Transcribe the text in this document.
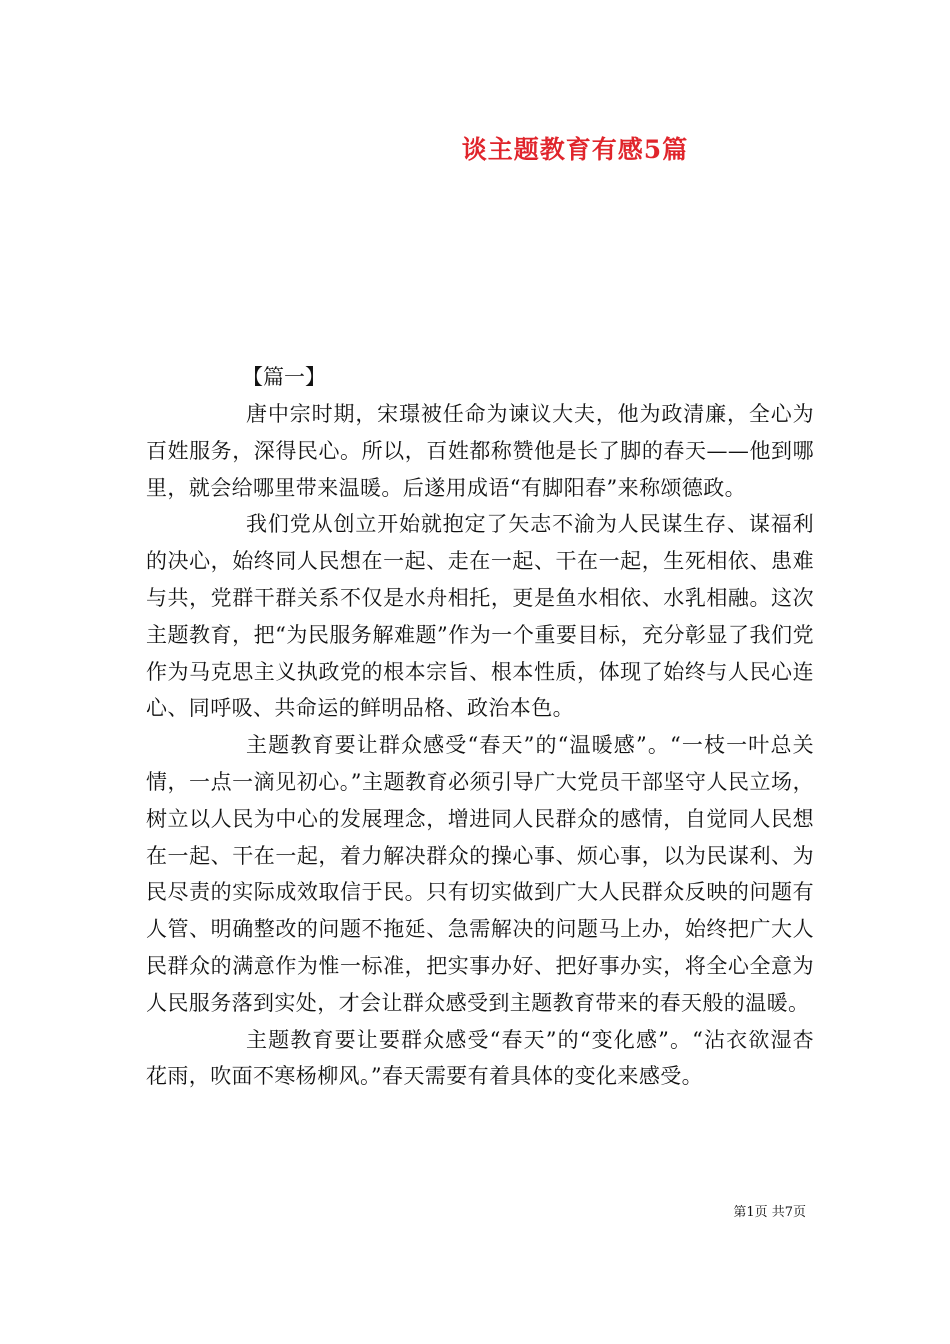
谈主题教育有感5篇
【篇一】

唐中宗时期，宋璟被任命为谏议大夫，他为政清廉，全心为百姓服务，深得民心。所以，百姓都称赞他是长了脚的春天——他到哪里，就会给哪里带来温暖。后遂用成语“有脚阳春”来称颂德政。

我们党从创立开始就抱定了矢志不渝为人民谋生存、谋福利的决心，始终同人民想在一起、走在一起、干在一起，生死相依、患难与共，党群干群关系不仅是水舟相托，更是鱼水相依、水乳相融。这次主题教育，把“为民服务解难题”作为一个重要目标，充分彰显了我们党作为马克思主义执政党的根本宗旨、根本性质，体现了始终与人民心连心、同呼吸、共命运的鲜明品格、政治本色。

主题教育要让群众感受“春天”的“温暖感”。“一枝一叶总关情，一点一滴见初心。”主题教育必须引导广大党员干部坚守人民立场，树立以人民为中心的发展理念，增进同人民群众的感情，自觉同人民想在一起、干在一起，着力解决群众的操心事、烦心事，以为民谋利、为民尽责的实际成效取信于民。只有切实做到广大人民群众反映的问题有人管、明确整改的问题不拖延、急需解决的问题马上办，始终把广大人民群众的满意作为惟一标准，把实事办好、把好事办实，将全心全意为人民服务落到实处，才会让群众感受到主题教育带来的春天般的温暖。

主题教育要让要群众感受“春天”的“变化感”。“沾衣欲湿杏花雨，吹面不寒杨柳风。”春天需要有着具体的变化来感受。

第1页 共7页
